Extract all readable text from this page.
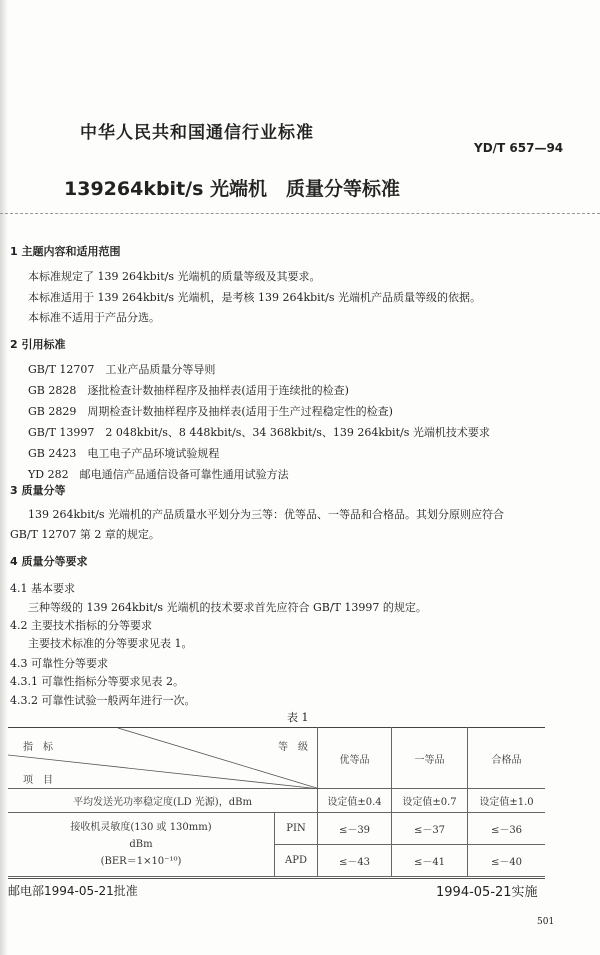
中华人民共和国通信行业标准
YD/T 657—94
139264kbit/s 光端机　质量分等标准
1 主题内容和适用范围
本标准规定了 139 264kbit/s 光端机的质量等级及其要求。
本标准适用于 139 264kbit/s 光端机，是考核 139 264kbit/s 光端机产品质量等级的依据。
本标准不适用于产品分选。
2 引用标准
GB/T 12707　 工业产品质量分等导则
GB 2828　 逐批检查计数抽样程序及抽样表(适用于连续批的检查)
GB 2829　 周期检查计数抽样程序及抽样表(适用于生产过程稳定性的检查)
GB/T 13997　 2 048kbit/s、8 448kbit/s、34 368kbit/s、139 264kbit/s 光端机技术要求
GB 2423　 电工电子产品环境试验规程
YD 282　 邮电通信产品通信设备可靠性通用试验方法
3 质量分等
139 264kbit/s 光端机的产品质量水平划分为三等：优等品、一等品和合格品。其划分原则应符合
GB/T 12707 第 2 章的规定。
4 质量分等要求
4.1 基本要求
三种等级的 139 264kbit/s 光端机的技术要求首先应符合 GB/T 13997 的规定。
4.2 主要技术指标的分等要求
主要技术标准的分等要求见表 1。
4.3 可靠性分等要求
4.3.1 可靠性指标分等要求见表 2。
4.3.2 可靠性试验一般两年进行一次。
表 1
指　标 等　级
项　目		优等品	一等品	合格品
平均发送光功率稳定度(LD 光源)，dBm		设定值±0.4	设定值±0.7	设定值±1.0

接收机灵敏度(130 或 130mm)
dBm
(BER＝1×10⁻¹⁰)	PIN	≤－39	≤－37	≤－36
	APD	≤－43	≤－41	≤－40
邮电部1994-05-21批准	1994-05-21实施
501
